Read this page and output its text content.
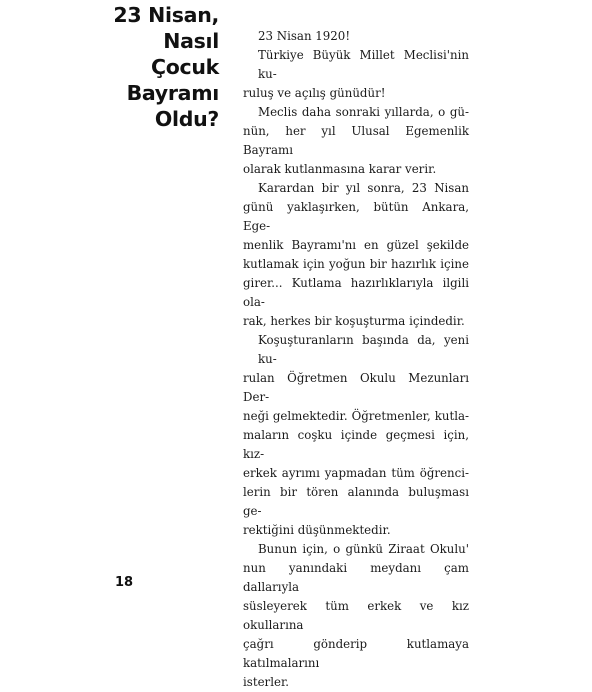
23 Nisan,
Nasıl
Çocuk
Bayramı
Oldu?

23 Nisan 1920!

Türkiye Büyük Millet Meclisi'nin ku-
ruluş ve açılış günüdür!

Meclis daha sonraki yıllarda, o gü-
nün, her yıl Ulusal Egemenlik Bayramı
olarak kutlanmasına karar verir.

Karardan bir yıl sonra, 23 Nisan
günü yaklaşırken, bütün Ankara, Ege-
menlik Bayramı'nı en güzel şekilde
kutlamak için yoğun bir hazırlık içine
girer... Kutlama hazırlıklarıyla ilgili ola-
rak, herkes bir koşuşturma içindedir.

Koşuşturanların başında da, yeni ku-
rulan Öğretmen Okulu Mezunları Der-
neği gelmektedir. Öğretmenler, kutla-
maların coşku içinde geçmesi için, kız-
erkek ayrımı yapmadan tüm öğrenci-
lerin bir tören alanında buluşması ge-
rektiğini düşünmektedir.

Bunun için, o günkü Ziraat Okulu'
nun yanındaki meydanı çam dallarıyla
süsleyerek tüm erkek ve kız okullarına
çağrı gönderip kutlamaya katılmalarını
isterler.

18
